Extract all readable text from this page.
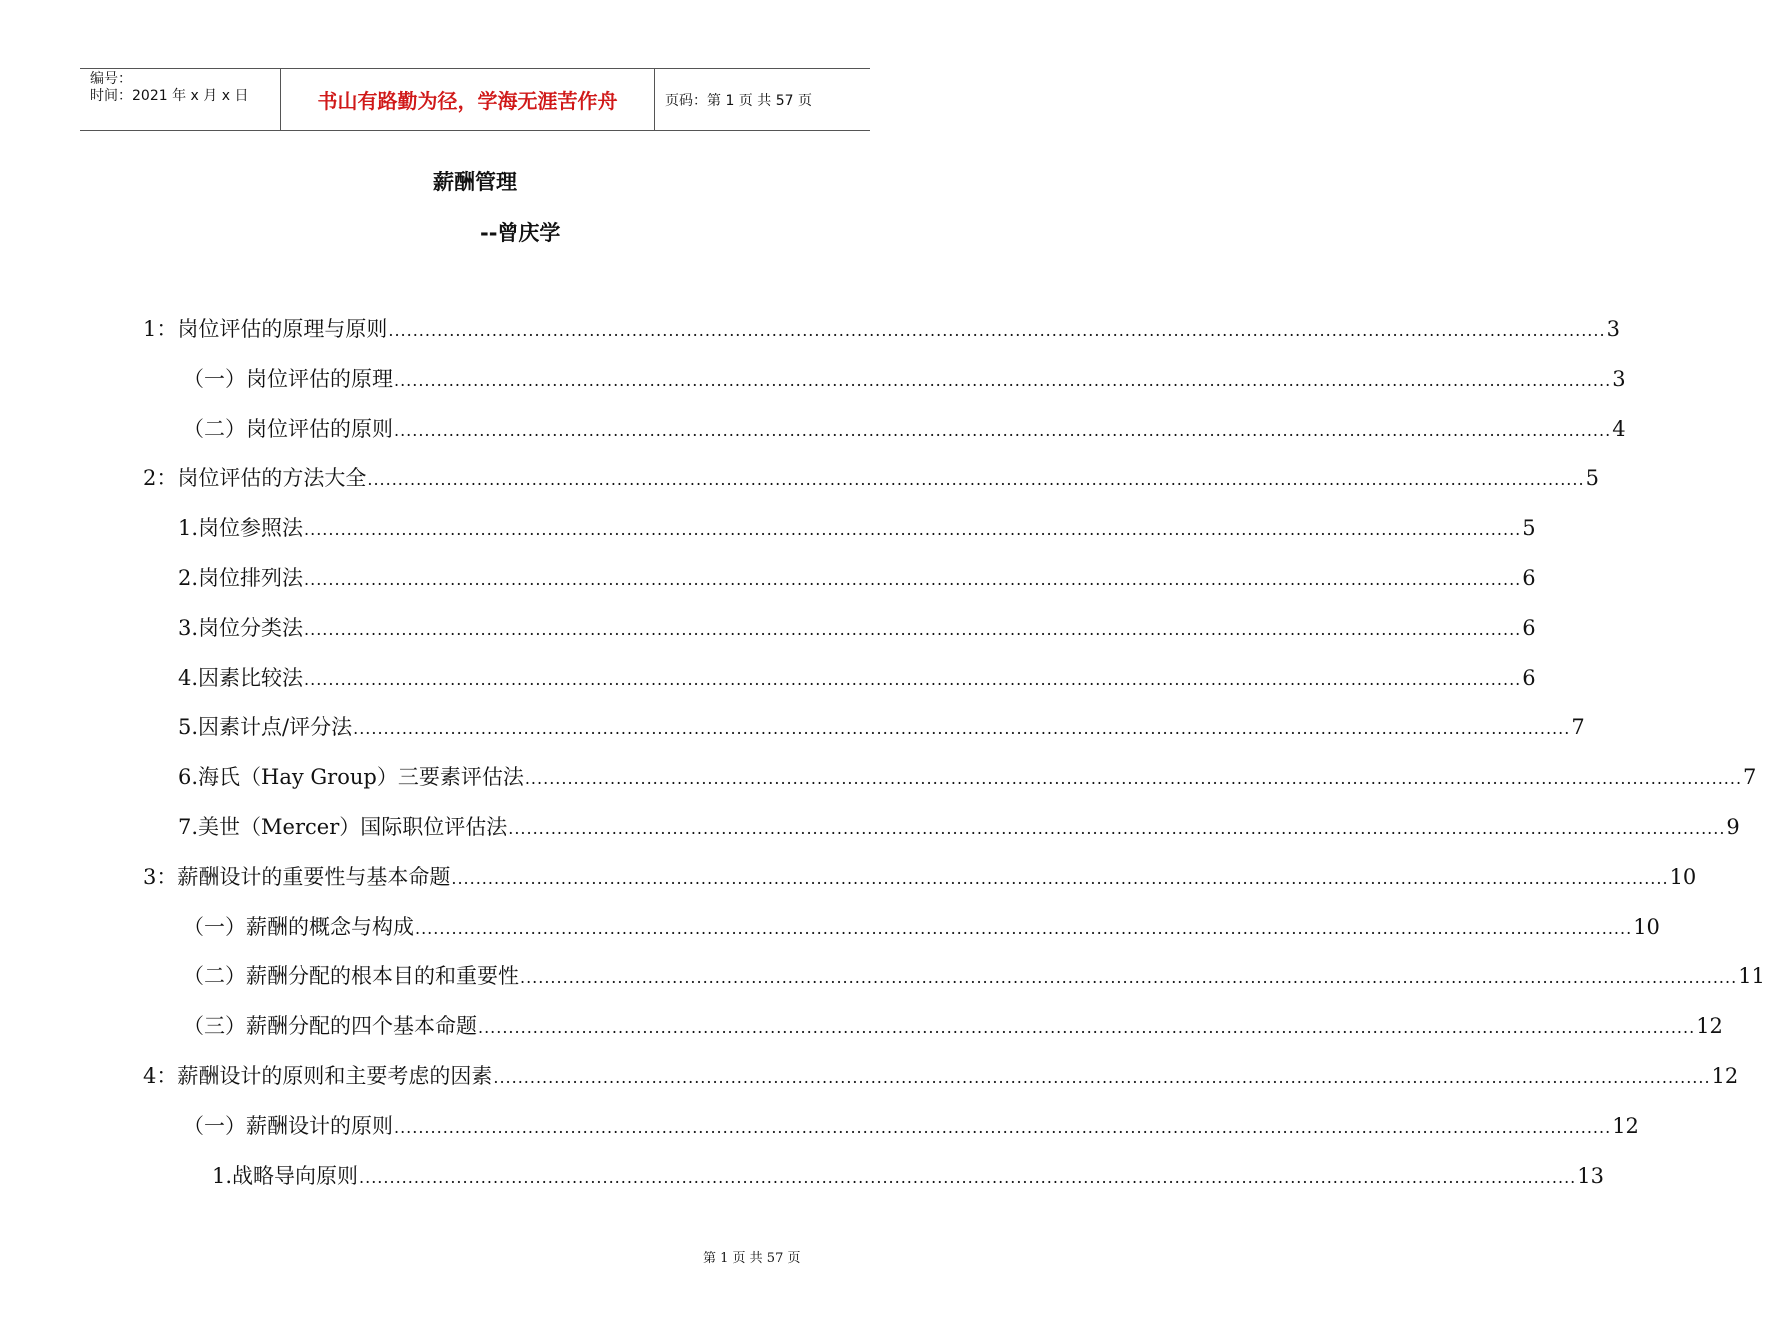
编号：
时间：2021 年 x 月 x 日	书山有路勤为径，学海无涯苦作舟	页码：第 1 页 共 57 页
薪酬管理
--曾庆学
1：岗位评估的原理与原则 ........................................................................................................................................................................................................ 3
（一）岗位评估的原理 ........................................................................................................................................................................................................ 3
（二）岗位评估的原则 ........................................................................................................................................................................................................ 4
2：岗位评估的方法大全 ........................................................................................................................................................................................................ 5
1.岗位参照法 ........................................................................................................................................................................................................ 5
2.岗位排列法 ........................................................................................................................................................................................................ 6
3.岗位分类法 ........................................................................................................................................................................................................ 6
4.因素比较法 ........................................................................................................................................................................................................ 6
5.因素计点/评分法 ........................................................................................................................................................................................................ 7
6.海氏（Hay Group）三要素评估法 ........................................................................................................................................................................................................ 7
7.美世（Mercer）国际职位评估法 ........................................................................................................................................................................................................ 9
3：薪酬设计的重要性与基本命题 ........................................................................................................................................................................................................ 10
（一）薪酬的概念与构成 ........................................................................................................................................................................................................ 10
（二）薪酬分配的根本目的和重要性 ........................................................................................................................................................................................................ 11
（三）薪酬分配的四个基本命题 ........................................................................................................................................................................................................ 12
4：薪酬设计的原则和主要考虑的因素 ........................................................................................................................................................................................................ 12
（一）薪酬设计的原则 ........................................................................................................................................................................................................ 12
1.战略导向原则 ........................................................................................................................................................................................................ 13
第 1 页 共 57 页
